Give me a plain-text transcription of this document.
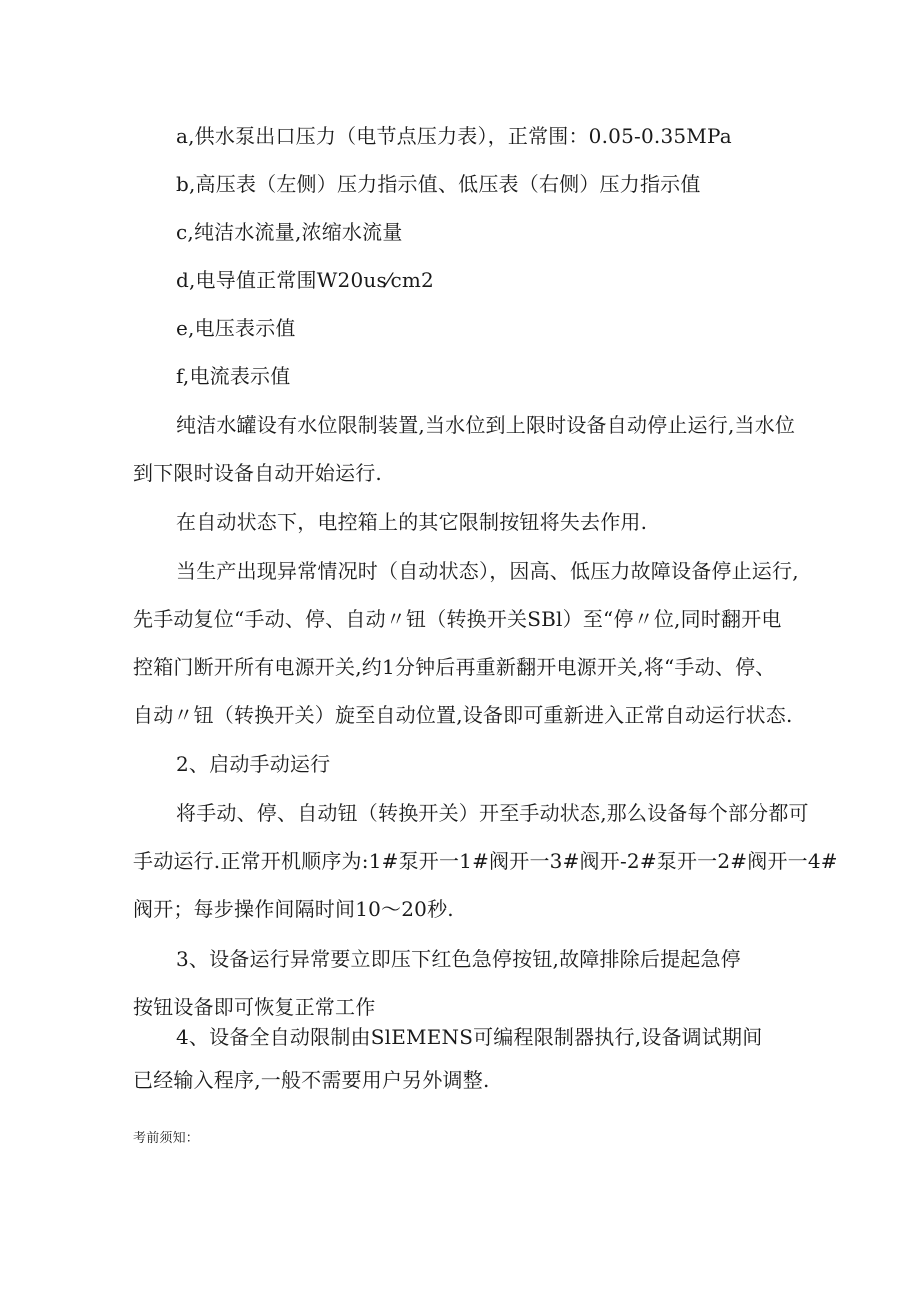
a,供水泵出口压力（电节点压力表），正常围：0.05-0.35MPa
b,高压表（左侧）压力指示值、低压表（右侧）压力指示值
c,纯洁水流量,浓缩水流量
d,电导值正常围W20us⁄cm2
e,电压表示值
f,电流表示值
纯洁水罐设有水位限制装置,当水位到上限时设备自动停止运行,当水位
到下限时设备自动开始运行.
在自动状态下，电控箱上的其它限制按钮将失去作用.
当生产出现异常情况时（自动状态），因高、低压力故障设备停止运行,
先手动复位“手动、停、自动〃钮（转换开关SBl）至“停〃位,同时翻开电
控箱门断开所有电源开关,约1分钟后再重新翻开电源开关,将“手动、停、
自动〃钮（转换开关）旋至自动位置,设备即可重新进入正常自动运行状态.
2、启动手动运行
将手动、停、自动钮（转换开关）开至手动状态,那么设备每个部分都可
手动运行.正常开机顺序为:1#泵开一1#阀开一3#阀开-2#泵开一2#阀开一4#
阀开；每步操作间隔时间10～20秒.
3、设备运行异常要立即压下红色急停按钮,故障排除后提起急停
按钮设备即可恢复正常工作
4、设备全自动限制由SlEMENS可编程限制器执行,设备调试期间
已经输入程序,一般不需要用户另外调整.
考前须知：
